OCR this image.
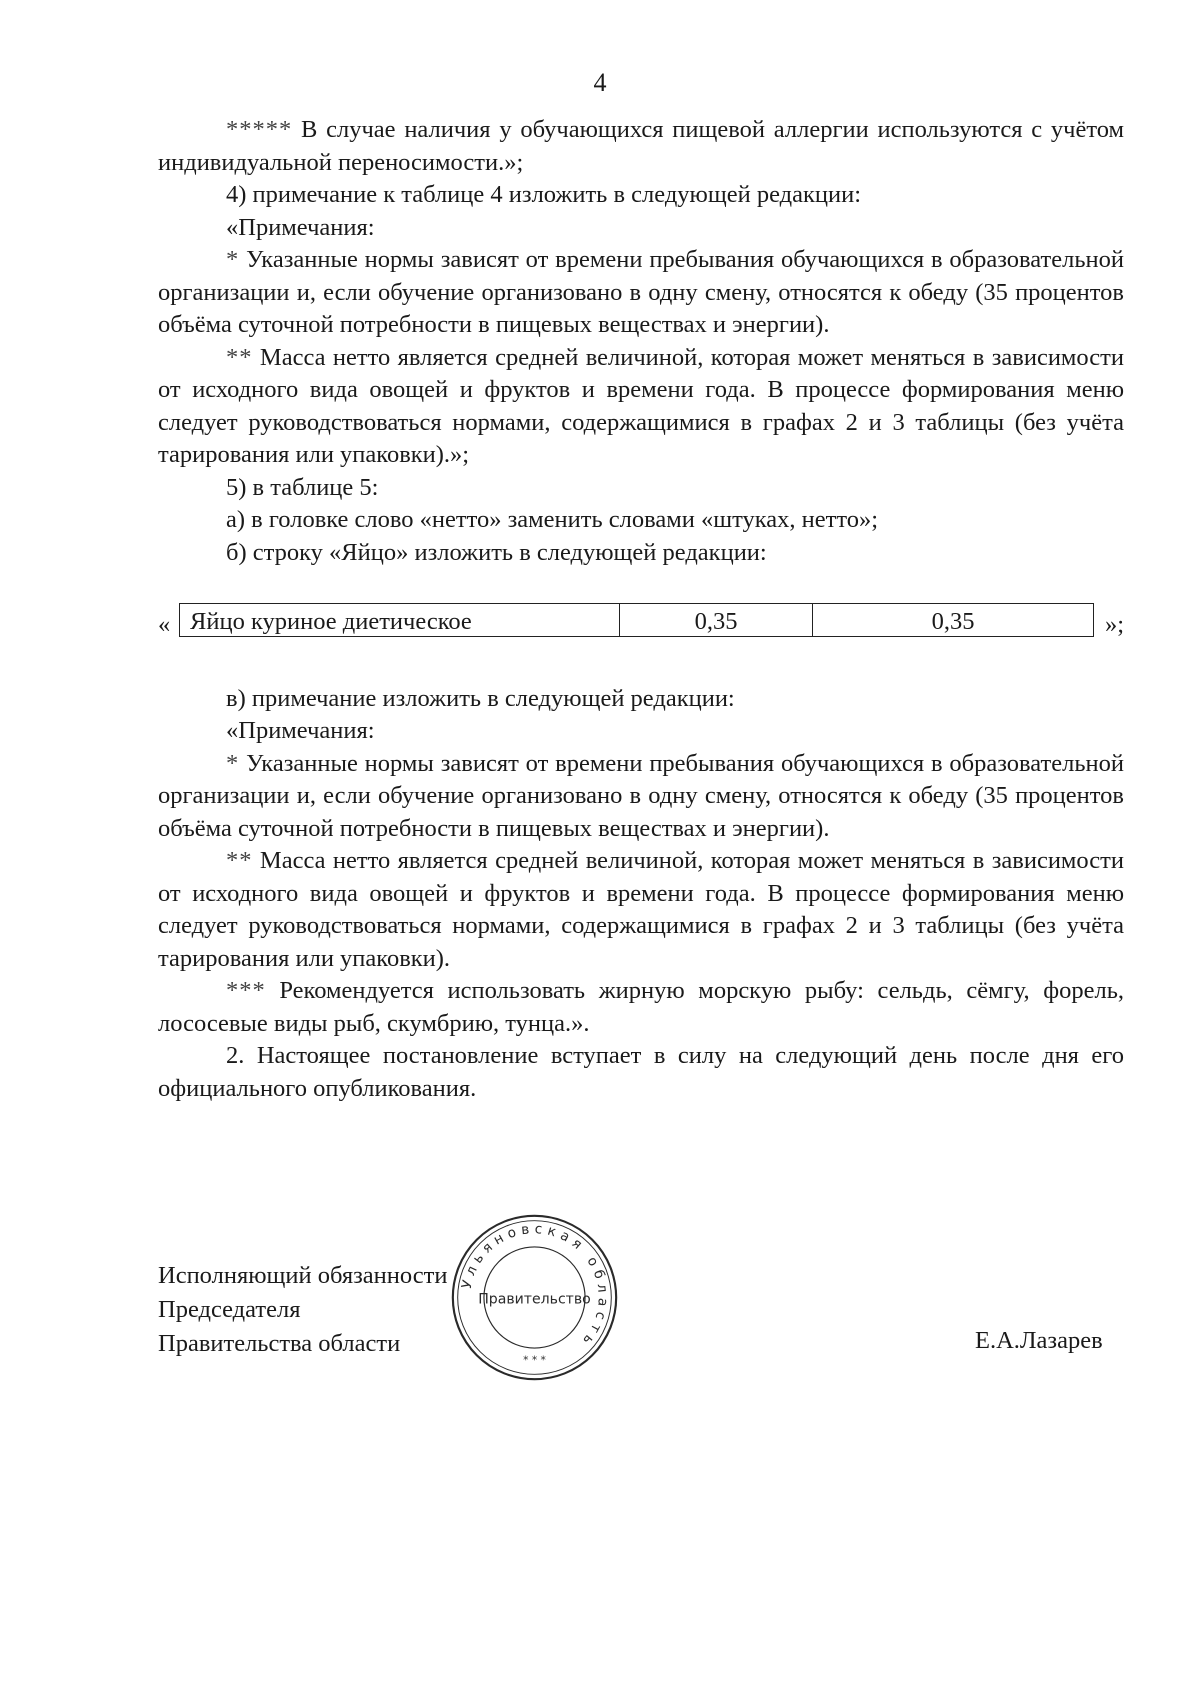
4

***** В случае наличия у обучающихся пищевой аллергии используются с учётом индивидуальной переносимости.»;

4) примечание к таблице 4 изложить в следующей редакции:

«Примечания:

* Указанные нормы зависят от времени пребывания обучающихся в образовательной организации и, если обучение организовано в одну смену, относятся к обеду (35 процентов объёма суточной потребности в пищевых веществах и энергии).

** Масса нетто является средней величиной, которая может меняться в зависимости от исходного вида овощей и фруктов и времени года. В процессе формирования меню следует руководствоваться нормами, содержащимися в графах 2 и 3 таблицы (без учёта тарирования или упаковки).»;

5) в таблице 5:

а) в головке слово «нетто» заменить словами «штуках, нетто»;

б) строку «Яйцо» изложить в следующей редакции:

« Яйцо куриное диетическое	0,35	0,35	»;

в) примечание изложить в следующей редакции:

«Примечания:

* Указанные нормы зависят от времени пребывания обучающихся в образовательной организации и, если обучение организовано в одну смену, относятся к обеду (35 процентов объёма суточной потребности в пищевых веществах и энергии).

** Масса нетто является средней величиной, которая может меняться в зависимости от исходного вида овощей и фруктов и времени года. В процессе формирования меню следует руководствоваться нормами, содержащимися в графах 2 и 3 таблицы (без учёта тарирования или упаковки).

*** Рекомендуется использовать жирную морскую рыбу: сельдь, сёмгу, форель, лососевые виды рыб, скумбрию, тунца.».

2. Настоящее постановление вступает в силу на следующий день после дня его официального опубликования.

Исполняющий обязанности
Председателя
Правительства области	Е.А.Лазарев
Ульяновская область
Правительство
* * *
